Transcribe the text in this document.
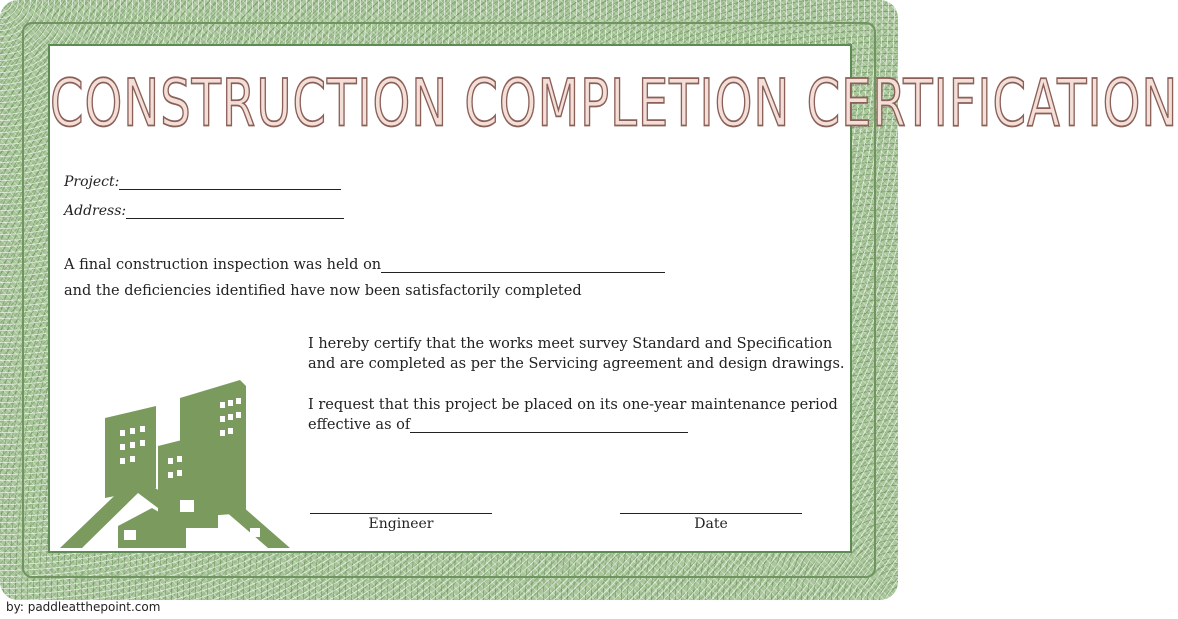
CONSTRUCTION COMPLETION CERTIFICATION
Project:
Address:
A final construction inspection was held on
and the deficiencies identified have now been satisfactorily completed
I hereby certify that the works meet survey Standard and Specification
and are completed as per the Servicing agreement and design drawings.
I request that this project be placed on its one-year maintenance period
effective as of
Engineer	Date
by: paddleatthepoint.com
